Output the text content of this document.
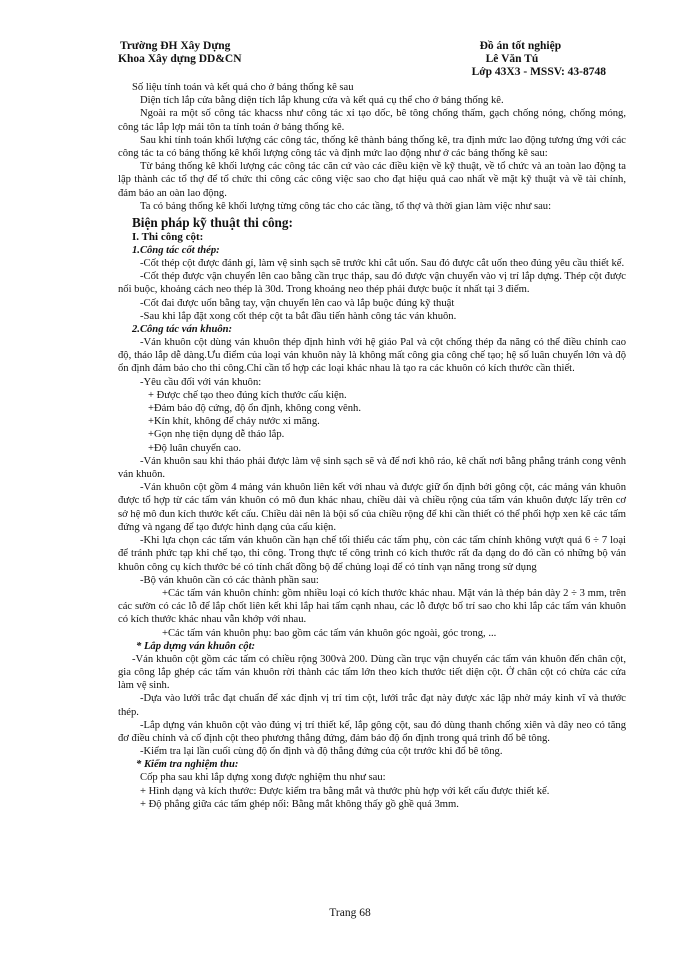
Trường ĐH Xây Dựng
Khoa Xây dựng DD&CN
Đồ án tốt nghiệp
Lê Văn Tú
Lớp 43X3 - MSSV: 43-8748

Số liệu tính toán và kết quả cho ở bảng thống kê sau

Diện tích lắp cửa bằng diện tích lắp khung cửa và kết quả cụ thể cho ở bảng thống kê.

Ngoài ra một số công tác khacss như công tác xỉ tạo dốc, bê tông chống thấm, gạch chống nóng, chống móng, công tác lắp lợp mái tôn ta tính toán ở bảng thống kê.

Sau khi tính toán khối lượng các công tác, thống kê thành bảng thống kê, tra định mức lao động tương ứng với các công tác ta có bảng thống kê khối lượng công tác và định mức lao động như ở các bảng thống kê sau:

Từ bảng thống kê khối lượng các công tác căn cứ vào các điều kiện về kỹ thuật, về tổ chức và an toàn lao động ta lập thành các tổ thợ để tổ chức thi công các công việc sao cho đạt hiệu quả cao nhất về mặt kỹ thuật và về tài chính, đảm bảo an oàn lao động.

Ta có bảng thống kê khối lượng từng công tác cho các tầng, tổ thợ và thời gian làm việc như sau:

Biện pháp kỹ thuật thi công:
I. Thi công cột:
1.Công tác cốt thép:

-Cốt thép cột được đánh gỉ, làm vệ sinh sạch sẽ trước khi cắt uốn. Sau đó được cắt uốn theo đúng yêu cầu thiết kế.

-Cốt thép được vận chuyển lên cao bằng cần trục tháp, sau đó được vận chuyển vào vị trí lắp dựng. Thép cột được nối buộc, khoảng cách neo thép là 30d. Trong khoảng neo thép phải được buộc ít nhất tại 3 điểm.

-Cốt đai được uốn bằng tay, vận chuyển lên cao và lắp buộc đúng kỹ thuật

-Sau khi lắp đặt xong cốt thép cột ta bắt đầu tiến hành công tác ván khuôn.

2.Công tác ván khuôn:

-Ván khuôn cột dùng ván khuôn thép định hình với hệ giáo Pal và cột chống thép đa năng có thể điều chỉnh cao độ, tháo lắp dễ dàng.Ưu điểm của loại ván khuôn này là không mất công gia công chế tạo; hệ số luân chuyển lớn và độ ổn định đảm bảo cho thi công.Chỉ cần tổ hợp các loại khác nhau là tạo ra các khuôn có kích thước cần thiết.

-Yêu cầu đối với ván khuôn:

+ Được chế tạo theo đúng kích thước cấu kiện.

+Đảm bảo độ cứng, độ ổn định, không cong vênh.

+Kín khít, không để chảy nước xi măng.

+Gọn nhẹ tiện dụng dễ tháo lắp.

+Độ luân chuyển cao.

-Ván khuôn sau khi tháo phải được làm vệ sinh sạch sẽ và để nơi khô ráo, kê chất nơi bằng phẳng tránh cong vênh ván khuôn.

-Ván khuôn cột gồm 4 mảng ván khuôn liên kết với nhau và được giữ ổn định bởi gông cột, các mảng ván khuôn được tổ hợp từ các tấm ván khuôn có mô đun khác nhau, chiều dài và chiều rộng của tấm ván khuôn được lấy trên cơ sở hệ mô đun kích thước kết cấu. Chiều dài nên là bội số của chiều rộng để khi cần thiết có thể phối hợp xen kẽ các tấm đứng và ngang để tạo được hình dạng của cấu kiện.

-Khi lựa chọn các tấm ván khuôn cần hạn chế tối thiểu các tấm phụ, còn các tấm chính không vượt quá 6 ÷ 7 loại để tránh phức tạp khi chế tạo, thi công. Trong thực tế công trình có kích thước rất đa dạng do đó cần có những bộ ván khuôn công cụ kích thước bé có tính chất đồng bộ để chủng loại để có tính vạn năng trong sử dụng

-Bộ ván khuôn cần có các thành phần sau:

+Các tấm ván khuôn chính: gồm nhiều loại có kích thước khác nhau. Mặt ván là thép bản dày 2 ÷ 3 mm, trên các sườn có các lỗ để lắp chốt liên kết khi lắp hai tấm cạnh nhau, các lỗ được bố trí sao cho khi lắp các tấm ván khuôn có kích thước khác nhau vẫn khớp với nhau.

+Các tấm ván khuôn phụ: bao gồm các tấm ván khuôn góc ngoài, góc trong, ...

* Lắp dựng ván khuôn cột:

-Ván khuôn cột gồm các tấm có chiều rộng 300và 200. Dùng cần trục vận chuyển các tấm ván khuôn đến chân cột, gia công lắp ghép các tấm ván khuôn rời thành các tấm lớn theo kích thước tiết diện cột. Ở chân cột có chừa các cửa làm vệ sinh.

-Dựa vào lưới trắc đạt chuẩn để xác định vị trí tim cột, lưới trắc đạt này được xác lập nhờ máy kinh vĩ và thước thép.

-Lắp dựng ván khuôn cột vào đúng vị trí thiết kế, lắp gông cột, sau đó dùng thanh chống xiên và dây neo có tăng đơ điều chỉnh và cố định cột theo phương thẳng đứng, đảm bảo độ ổn định trong quá trình đổ bê tông.

-Kiểm tra lại lần cuối cùng độ ổn định và độ thẳng đứng của cột trước khi đổ bê tông.

* Kiểm tra nghiệm thu:

Cốp pha sau khi lắp dựng xong được nghiệm thu như sau:

+ Hình dạng và kích thước: Được kiểm tra bằng mắt và thước phù hợp với kết cấu được thiết kế.

+ Độ phẳng giữa các tấm ghép nối: Bằng mắt không thấy gồ ghề quá 3mm.

Trang 68
